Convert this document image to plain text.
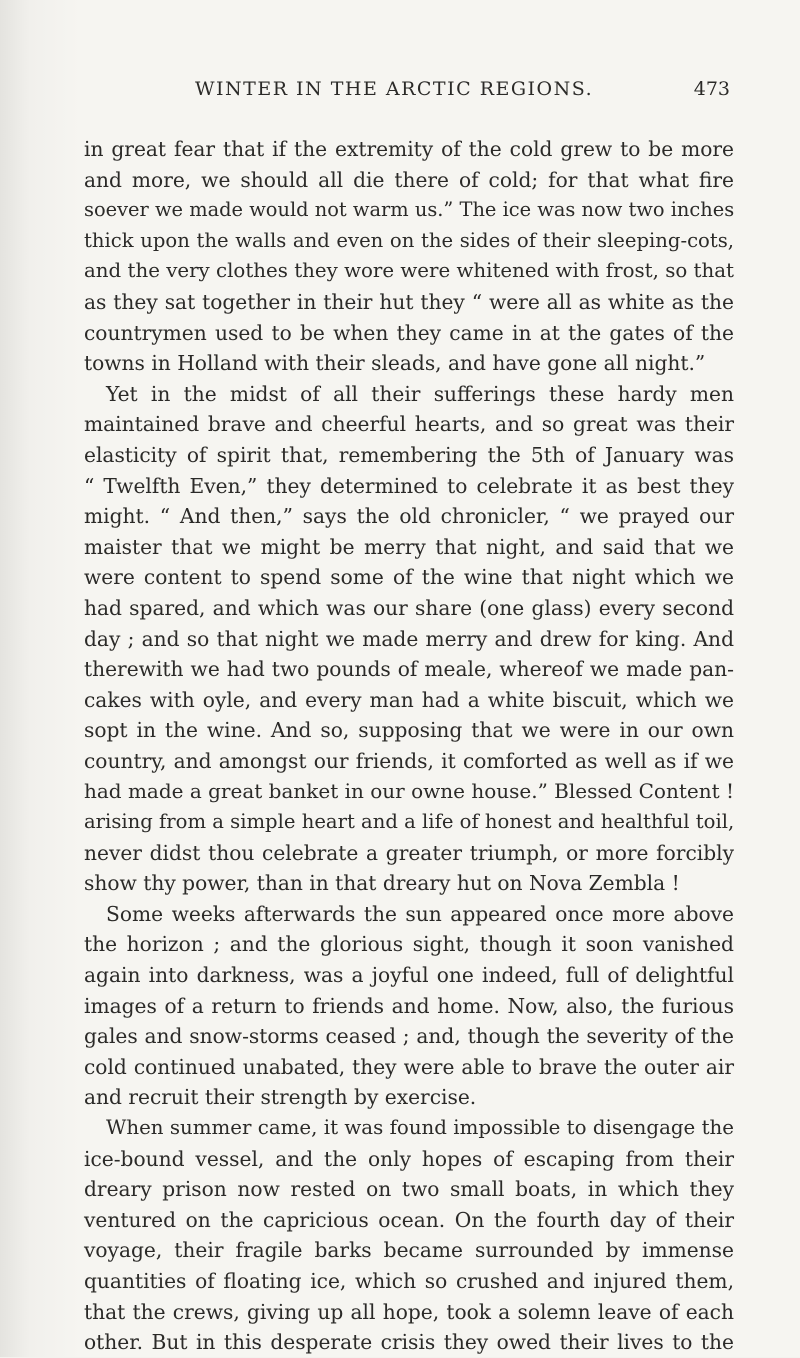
WINTER IN THE ARCTIC REGIONS.	473
in great fear that if the extremity of the cold grew to be more
and more, we should all die there of cold; for that what fire
soever we made would not warm us.” The ice was now two inches
thick upon the walls and even on the sides of their sleeping-cots,
and the very clothes they wore were whitened with frost, so that
as they sat together in their hut they “ were all as white as the
countrymen used to be when they came in at the gates of the
towns in Holland with their sleads, and have gone all night.”
Yet in the midst of all their sufferings these hardy men
maintained brave and cheerful hearts, and so great was their
elasticity of spirit that, remembering the 5th of January was
“ Twelfth Even,” they determined to celebrate it as best they
might. “ And then,” says the old chronicler, “ we prayed our
maister that we might be merry that night, and said that we
were content to spend some of the wine that night which we
had spared, and which was our share (one glass) every second
day ; and so that night we made merry and drew for king. And
therewith we had two pounds of meale, whereof we made pan-
cakes with oyle, and every man had a white biscuit, which we
sopt in the wine. And so, supposing that we were in our own
country, and amongst our friends, it comforted as well as if we
had made a great banket in our owne house.” Blessed Content !
arising from a simple heart and a life of honest and healthful toil,
never didst thou celebrate a greater triumph, or more forcibly
show thy power, than in that dreary hut on Nova Zembla !
Some weeks afterwards the sun appeared once more above
the horizon ; and the glorious sight, though it soon vanished
again into darkness, was a joyful one indeed, full of delightful
images of a return to friends and home. Now, also, the furious
gales and snow-storms ceased ; and, though the severity of the
cold continued unabated, they were able to brave the outer air
and recruit their strength by exercise.
When summer came, it was found impossible to disengage the
ice-bound vessel, and the only hopes of escaping from their
dreary prison now rested on two small boats, in which they
ventured on the capricious ocean. On the fourth day of their
voyage, their fragile barks became surrounded by immense
quantities of floating ice, which so crushed and injured them,
that the crews, giving up all hope, took a solemn leave of each
other. But in this desperate crisis they owed their lives to the
